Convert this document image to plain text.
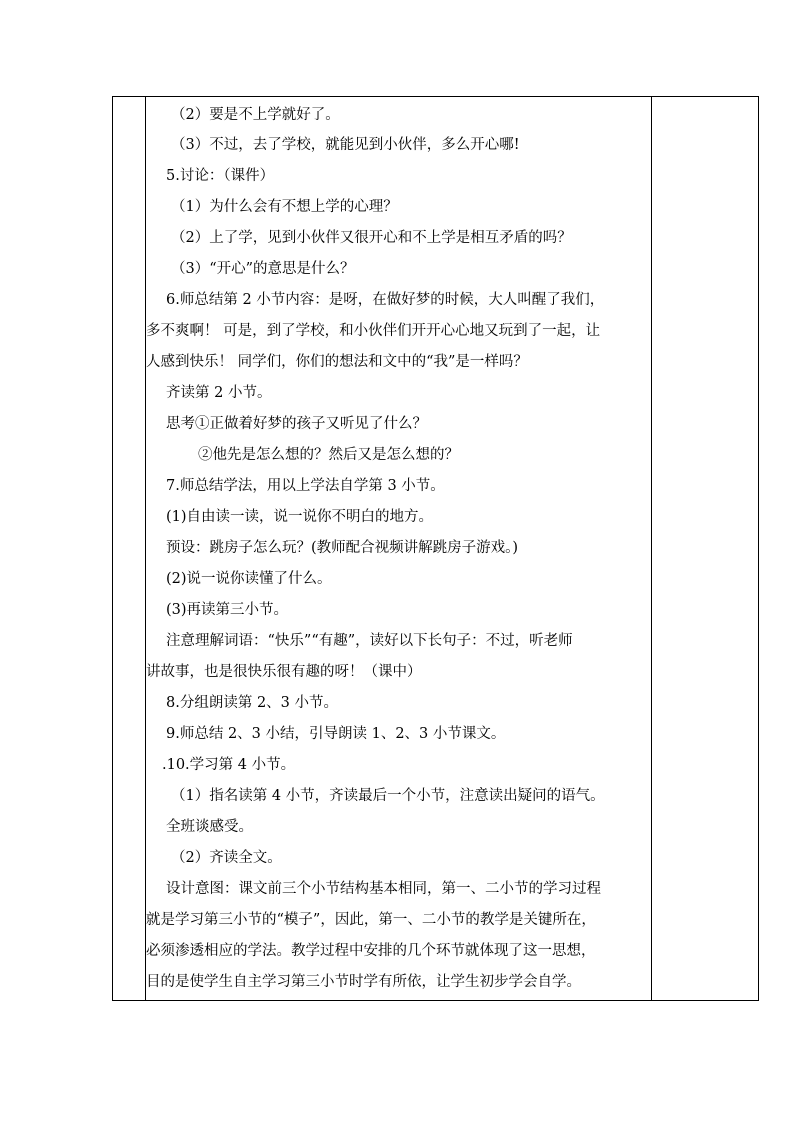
（2）要是不上学就好了。
（3）不过，去了学校，就能见到小伙伴，多么开心哪!
5.讨论：（课件）
（1）为什么会有不想上学的心理？
（2）上了学，见到小伙伴又很开心和不上学是相互矛盾的吗？
（3）“开心”的意思是什么？
6.师总结第 2 小节内容：是呀，在做好梦的时候，大人叫醒了我们，
多不爽啊！ 可是，到了学校，和小伙伴们开开心心地又玩到了一起，让
人感到快乐！ 同学们，你们的想法和文中的“我”是一样吗？
齐读第 2 小节。
思考①正做着好梦的孩子又听见了什么？
②他先是怎么想的？然后又是怎么想的？
7.师总结学法，用以上学法自学第 3 小节。
(1)自由读一读，说一说你不明白的地方。
预设：跳房子怎么玩？(教师配合视频讲解跳房子游戏。)
(2)说一说你读懂了什么。
(3)再读第三小节。
注意理解词语：“快乐”“有趣”，读好以下长句子：不过，听老师
讲故事，也是很快乐很有趣的呀！（课中）
8.分组朗读第 2、3 小节。
9.师总结 2、3 小结，引导朗读 1、2、3 小节课文。
.10.学习第 4 小节。
（1）指名读第 4 小节，齐读最后一个小节，注意读出疑问的语气。
全班谈感受。
（2）齐读全文。
设计意图：课文前三个小节结构基本相同，第一、二小节的学习过程
就是学习第三小节的“模子”，因此，第一、二小节的教学是关键所在，
必须渗透相应的学法。教学过程中安排的几个环节就体现了这一思想，
目的是使学生自主学习第三小节时学有所依，让学生初步学会自学。
